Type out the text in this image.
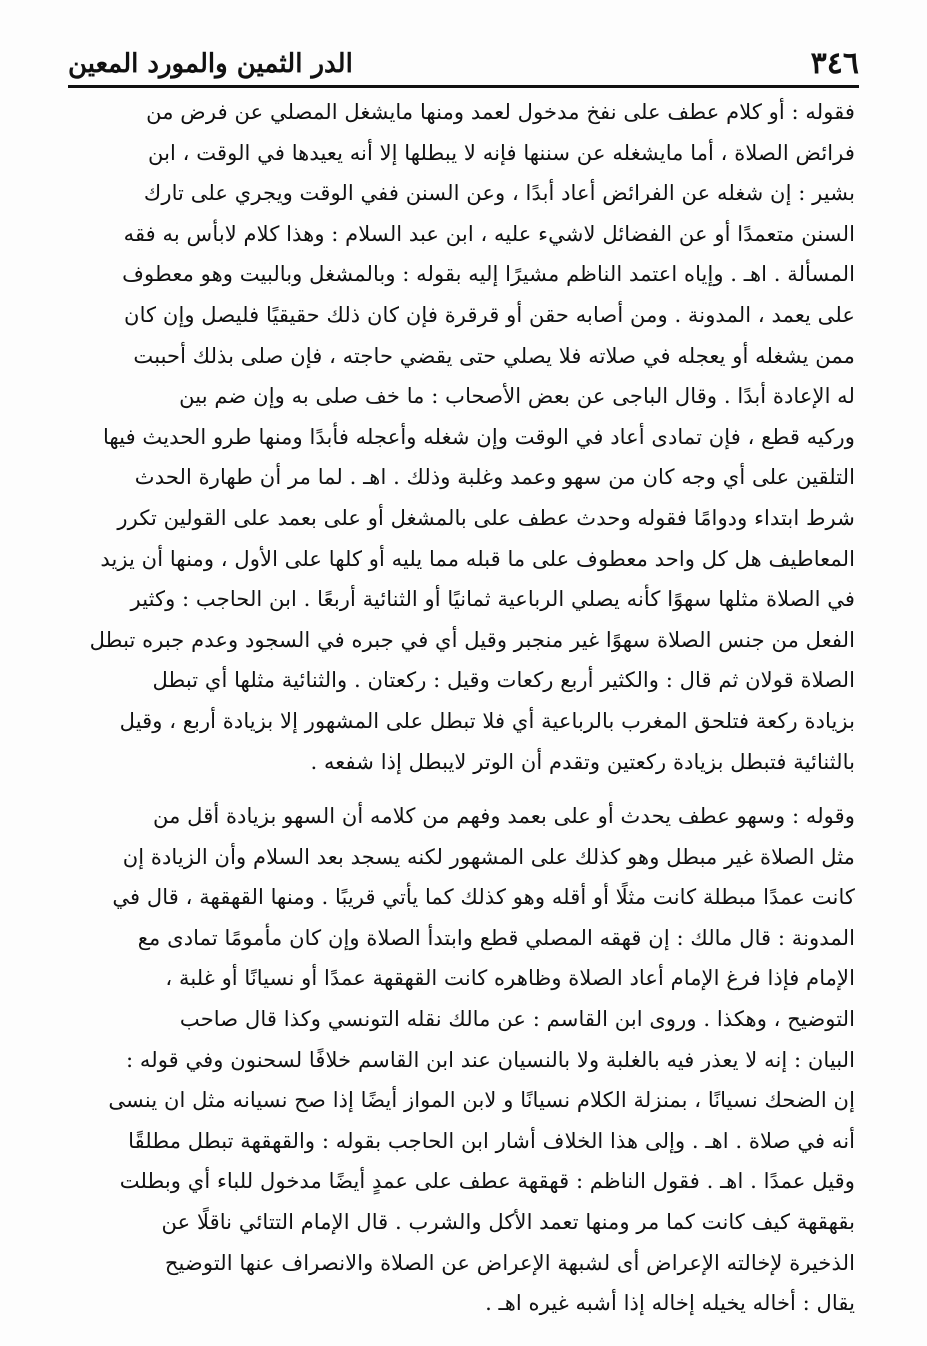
٣٤٦
الدر الثمين والمورد المعين
فقوله : أو كلام عطف على نفخ مدخول لعمد ومنها مايشغل المصلي عن فرض من
فرائض الصلاة ، أما مايشغله عن سننها فإنه لا يبطلها إلا أنه يعيدها في الوقت ، ابن
بشير : إن شغله عن الفرائض أعاد أبدًا ، وعن السنن ففي الوقت ويجري على تارك
السنن متعمدًا أو عن الفضائل لاشيء عليه ، ابن عبد السلام : وهذا كلام لابأس به فقه
المسألة . اهـ . وإياه اعتمد الناظم مشيرًا إليه بقوله : وبالمشغل وبالبيت وهو معطوف
على يعمد ، المدونة . ومن أصابه حقن أو قرقرة فإن كان ذلك حقيقيًا فليصل وإن كان
ممن يشغله أو يعجله في صلاته فلا يصلي حتى يقضي حاجته ، فإن صلى بذلك أحببت
له الإعادة أبدًا . وقال الباجى عن بعض الأصحاب : ما خف صلى به وإن ضم بين
وركيه قطع ، فإن تمادى أعاد في الوقت وإن شغله وأعجله فأبدًا ومنها طرو الحديث فيها
التلقين على أي وجه كان من سهو وعمد وغلبة وذلك . اهـ . لما مر أن طهارة الحدث
شرط ابتداء ودوامًا فقوله وحدث عطف على بالمشغل أو على بعمد على القولين تكرر
المعاطيف هل كل واحد معطوف على ما قبله مما يليه أو كلها على الأول ، ومنها أن يزيد
في الصلاة مثلها سهوًا كأنه يصلي الرباعية ثمانيًا أو الثنائية أربعًا . ابن الحاجب : وكثير
الفعل من جنس الصلاة سهوًا غير منجبر وقيل أي في جبره في السجود وعدم جبره تبطل
الصلاة قولان ثم قال : والكثير أربع ركعات وقيل : ركعتان . والثنائية مثلها أي تبطل
بزيادة ركعة فتلحق المغرب بالرباعية أي فلا تبطل على المشهور إلا بزيادة أربع ، وقيل
بالثنائية فتبطل بزيادة ركعتين وتقدم أن الوتر لايبطل إذا شفعه .
وقوله : وسهو عطف يحدث أو على بعمد وفهم من كلامه أن السهو بزيادة أقل من
مثل الصلاة غير مبطل وهو كذلك على المشهور لكنه يسجد بعد السلام وأن الزيادة إن
كانت عمدًا مبطلة كانت مثلًا أو أقله وهو كذلك كما يأتي قريبًا . ومنها القهقهة ، قال في
المدونة : قال مالك : إن قهقه المصلي قطع وابتدأ الصلاة وإن كان مأمومًا تمادى مع
الإمام فإذا فرغ الإمام أعاد الصلاة وظاهره كانت القهقهة عمدًا أو نسيانًا أو غلبة ،
التوضيح ، وهكذا . وروى ابن القاسم : عن مالك نقله التونسي وكذا قال صاحب
البيان : إنه لا يعذر فيه بالغلبة ولا بالنسيان عند ابن القاسم خلافًا لسحنون وفي قوله :
إن الضحك نسيانًا ، بمنزلة الكلام نسيانًا و لابن المواز أيضًا إذا صح نسيانه مثل ان ينسى
أنه في صلاة . اهـ . وإلى هذا الخلاف أشار ابن الحاجب بقوله : والقهقهة تبطل مطلقًا
وقيل عمدًا . اهـ . فقول الناظم : قهقهة عطف على عمدٍ أيضًا مدخول للباء أي وبطلت
بقهقهة كيف كانت كما مر ومنها تعمد الأكل والشرب . قال الإمام التتائي ناقلًا عن
الذخيرة لإخالته الإعراض أى لشبهة الإعراض عن الصلاة والانصراف عنها التوضيح
يقال : أخاله يخيله إخاله إذا أشبه غيره اهـ .
